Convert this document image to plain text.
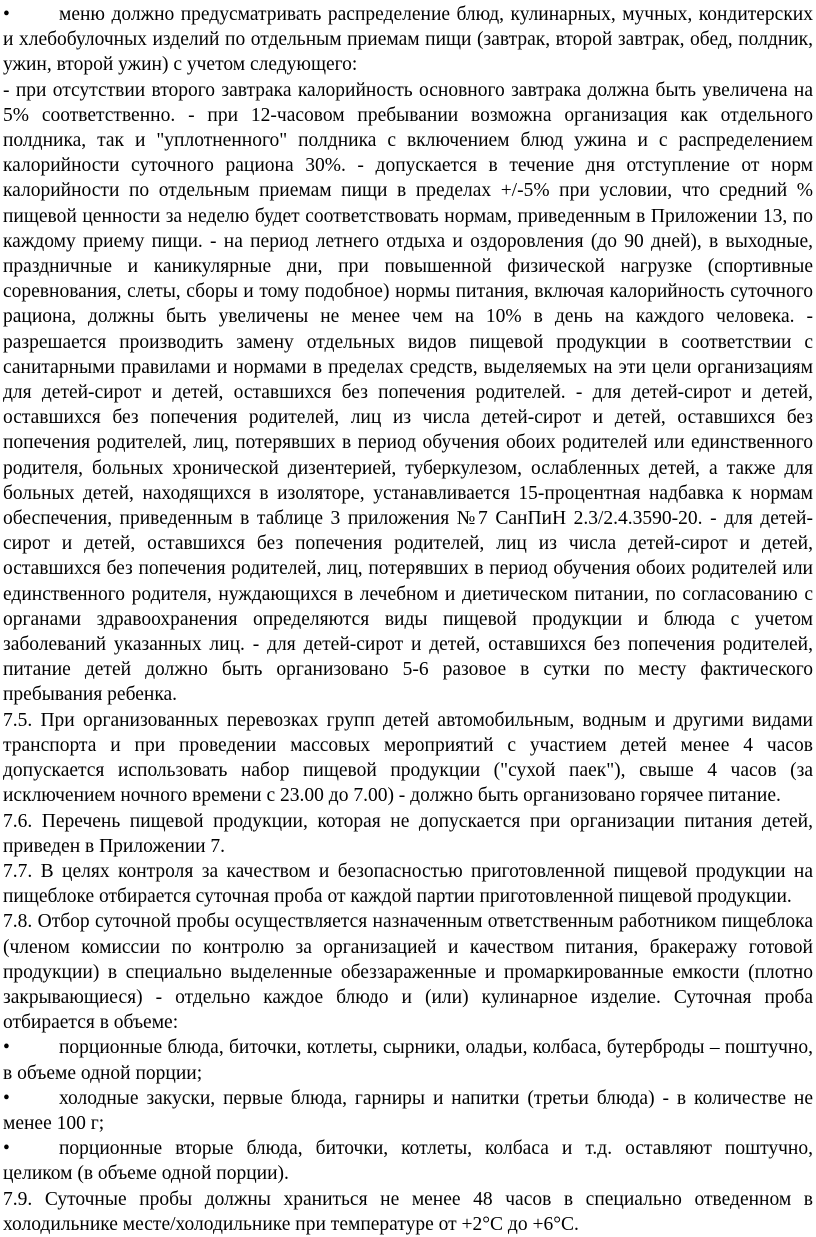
•	меню должно предусматривать распределение блюд, кулинарных, мучных, кондитерских и хлебобулочных изделий по отдельным приемам пищи (завтрак, второй завтрак, обед, полдник, ужин, второй ужин) с учетом следующего:

- при отсутствии второго завтрака калорийность основного завтрака должна быть увеличена на 5% соответственно. - при 12-часовом пребывании возможна организация как отдельного полдника, так и "уплотненного" полдника с включением блюд ужина и с распределением калорийности суточного рациона 30%. - допускается в течение дня отступление от норм калорийности по отдельным приемам пищи в пределах +/-5% при условии, что средний % пищевой ценности за неделю будет соответствовать нормам, приведенным в Приложении 13, по каждому приему пищи. - на период летнего отдыха и оздоровления (до 90 дней), в выходные, праздничные и каникулярные дни, при повышенной физической нагрузке (спортивные соревнования, слеты, сборы и тому подобное) нормы питания, включая калорийность суточного рациона, должны быть увеличены не менее чем на 10% в день на каждого человека. - разрешается производить замену отдельных видов пищевой продукции в соответствии с санитарными правилами и нормами в пределах средств, выделяемых на эти цели организациям для детей-сирот и детей, оставшихся без попечения родителей. - для детей-сирот и детей, оставшихся без попечения родителей, лиц из числа детей-сирот и детей, оставшихся без попечения родителей, лиц, потерявших в период обучения обоих родителей или единственного родителя, больных хронической дизентерией, туберкулезом, ослабленных детей, а также для больных детей, находящихся в изоляторе, устанавливается 15-процентная надбавка к нормам обеспечения, приведенным в таблице 3 приложения №7 СанПиН 2.3/2.4.3590-20. - для детей-сирот и детей, оставшихся без попечения родителей, лиц из числа детей-сирот и детей, оставшихся без попечения родителей, лиц, потерявших в период обучения обоих родителей или единственного родителя, нуждающихся в лечебном и диетическом питании, по согласованию с органами здравоохранения определяются виды пищевой продукции и блюда с учетом заболеваний указанных лиц. - для детей-сирот и детей, оставшихся без попечения родителей, питание детей должно быть организовано 5-6 разовое в сутки по месту фактического пребывания ребенка.

7.5. При организованных перевозках групп детей автомобильным, водным и другими видами транспорта и при проведении массовых мероприятий с участием детей менее 4 часов допускается использовать набор пищевой продукции ("сухой паек"), свыше 4 часов (за исключением ночного времени с 23.00 до 7.00) - должно быть организовано горячее питание.

7.6. Перечень пищевой продукции, которая не допускается при организации питания детей, приведен в Приложении 7.

7.7. В целях контроля за качеством и безопасностью приготовленной пищевой продукции на пищеблоке отбирается суточная проба от каждой партии приготовленной пищевой продукции.

7.8. Отбор суточной пробы осуществляется назначенным ответственным работником пищеблока (членом комиссии по контролю за организацией и качеством питания, бракеражу готовой продукции) в специально выделенные обеззараженные и промаркированные емкости (плотно закрывающиеся) - отдельно каждое блюдо и (или) кулинарное изделие. Суточная проба отбирается в объеме:

•	порционные блюда, биточки, котлеты, сырники, оладьи, колбаса, бутерброды – поштучно, в объеме одной порции;

•	холодные закуски, первые блюда, гарниры и напитки (третьи блюда) - в количестве не менее 100 г;

•	порционные вторые блюда, биточки, котлеты, колбаса и т.д. оставляют поштучно, целиком (в объеме одной порции).

7.9. Суточные пробы должны храниться не менее 48 часов в специально отведенном в холодильнике месте/холодильнике при температуре от +2°C до +6°C.
